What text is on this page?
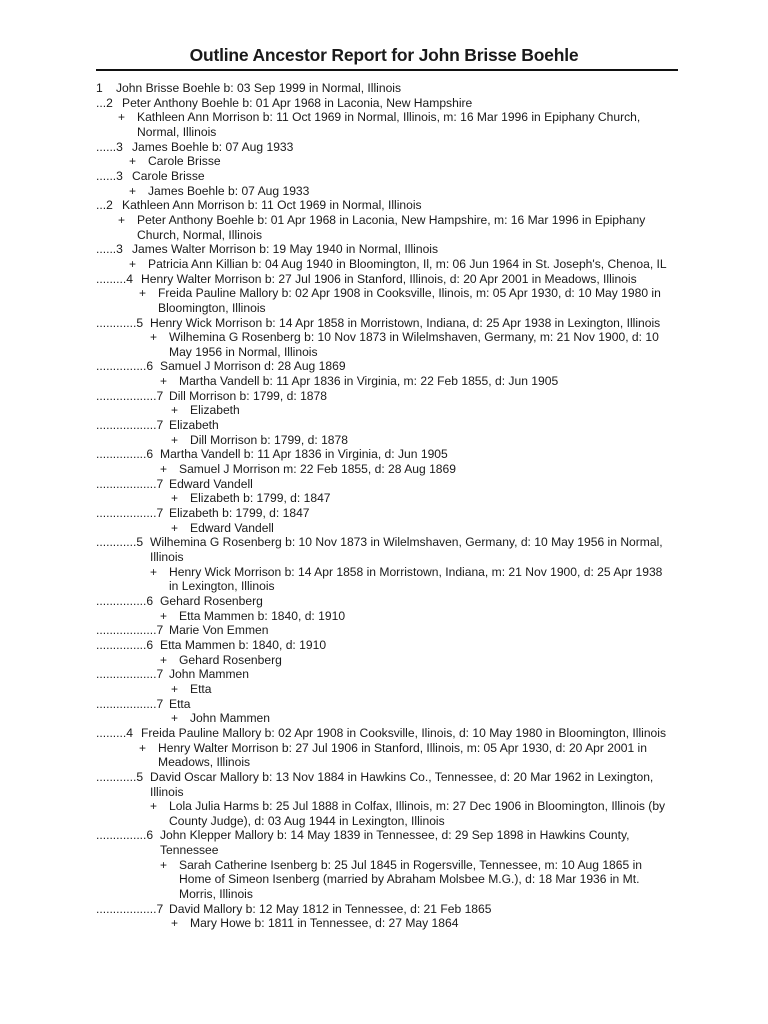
Outline Ancestor Report for John Brisse Boehle
1 John Brisse Boehle b: 03 Sep 1999 in Normal, Illinois
...2 Peter Anthony Boehle b: 01 Apr 1968 in Laconia, New Hampshire
+ Kathleen Ann Morrison b: 11 Oct 1969 in Normal, Illinois, m: 16 Mar 1996 in Epiphany Church, Normal, Illinois
......3 James Boehle b: 07 Aug 1933
+ Carole Brisse
......3 Carole Brisse
+ James Boehle b: 07 Aug 1933
...2 Kathleen Ann Morrison b: 11 Oct 1969 in Normal, Illinois
+ Peter Anthony Boehle b: 01 Apr 1968 in Laconia, New Hampshire, m: 16 Mar 1996 in Epiphany Church, Normal, Illinois
......3 James Walter Morrison b: 19 May 1940 in Normal, Illinois
+ Patricia Ann Killian b: 04 Aug 1940 in Bloomington, Il, m: 06 Jun 1964 in St. Joseph's, Chenoa, IL
.........4 Henry Walter Morrison b: 27 Jul 1906 in Stanford, Illinois, d: 20 Apr 2001 in Meadows, Illinois
+ Freida Pauline Mallory b: 02 Apr 1908 in Cooksville, Ilinois, m: 05 Apr 1930, d: 10 May 1980 in Bloomington, Illinois
............5 Henry Wick Morrison b: 14 Apr 1858 in Morristown, Indiana, d: 25 Apr 1938 in Lexington, Illinois
+ Wilhemina G Rosenberg b: 10 Nov 1873 in Wilelmshaven, Germany, m: 21 Nov 1900, d: 10 May 1956 in Normal, Illinois
...............6 Samuel J Morrison d: 28 Aug 1869
+ Martha Vandell b: 11 Apr 1836 in Virginia, m: 22 Feb 1855, d: Jun 1905
..................7 Dill Morrison b: 1799, d: 1878
+ Elizabeth
..................7 Elizabeth
+ Dill Morrison b: 1799, d: 1878
...............6 Martha Vandell b: 11 Apr 1836 in Virginia, d: Jun 1905
+ Samuel J Morrison m: 22 Feb 1855, d: 28 Aug 1869
..................7 Edward Vandell
+ Elizabeth b: 1799, d: 1847
..................7 Elizabeth b: 1799, d: 1847
+ Edward Vandell
............5 Wilhemina G Rosenberg b: 10 Nov 1873 in Wilelmshaven, Germany, d: 10 May 1956 in Normal, Illinois
+ Henry Wick Morrison b: 14 Apr 1858 in Morristown, Indiana, m: 21 Nov 1900, d: 25 Apr 1938 in Lexington, Illinois
...............6 Gehard Rosenberg
+ Etta Mammen b: 1840, d: 1910
..................7 Marie Von Emmen
...............6 Etta Mammen b: 1840, d: 1910
+ Gehard Rosenberg
..................7 John Mammen
+ Etta
..................7 Etta
+ John Mammen
.........4 Freida Pauline Mallory b: 02 Apr 1908 in Cooksville, Ilinois, d: 10 May 1980 in Bloomington, Illinois
+ Henry Walter Morrison b: 27 Jul 1906 in Stanford, Illinois, m: 05 Apr 1930, d: 20 Apr 2001 in Meadows, Illinois
............5 David Oscar Mallory b: 13 Nov 1884 in Hawkins Co., Tennessee, d: 20 Mar 1962 in Lexington, Illinois
+ Lola Julia Harms b: 25 Jul 1888 in Colfax, Illinois, m: 27 Dec 1906 in Bloomington, Illinois (by County Judge), d: 03 Aug 1944 in Lexington, Illinois
...............6 John Klepper Mallory b: 14 May 1839 in Tennessee, d: 29 Sep 1898 in Hawkins County, Tennessee
+ Sarah Catherine Isenberg b: 25 Jul 1845 in Rogersville, Tennessee, m: 10 Aug 1865 in Home of Simeon Isenberg (married by Abraham Molsbee M.G.), d: 18 Mar 1936 in Mt. Morris, Illinois
..................7 David Mallory b: 12 May 1812 in Tennessee, d: 21 Feb 1865
+ Mary Howe b: 1811 in Tennessee, d: 27 May 1864
